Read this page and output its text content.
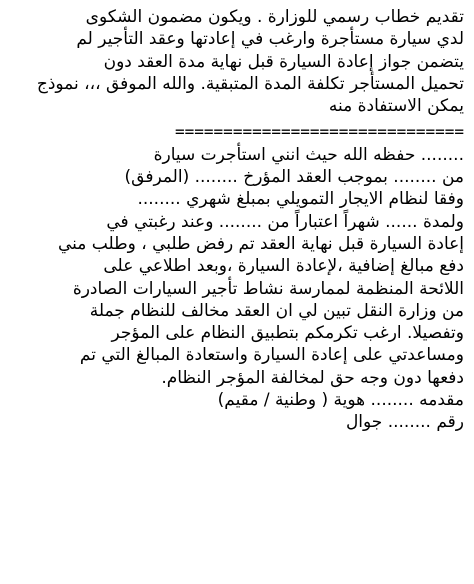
تقديم خطاب رسمي للوزارة . ويكون مضمون الشكوى
لدي سيارة مستأجرة وارغب في إعادتها وعقد التأجير لم
يتضمن جواز إعادة السيارة قبل نهاية مدة العقد دون
تحميل المستأجر تكلفة المدة المتبقية. والله الموفق ،،، نموذج
يمكن الاستفادة منه
==============================
........ حفظه الله حيث انني استأجرت سيارة
من ........ بموجب العقد المؤرخ ........ (المرفق)
وفقا لنظام الايجار التمويلي بمبلغ شهري ........
ولمدة ...... شهراً اعتباراً من ........ وعند رغبتي في
إعادة السيارة قبل نهاية العقد تم رفض طلبي ، وطلب مني
دفع مبالغ إضافية ،لإعادة السيارة ،وبعد اطلاعي على
اللائحة المنظمة لممارسة نشاط تأجير السيارات الصادرة
من وزارة النقل تبين لي ان العقد مخالف للنظام جملة
وتفصيلا. ارغب تكرمكم بتطبيق النظام على المؤجر
ومساعدتي على إعادة السيارة واستعادة المبالغ التي تم
دفعها دون وجه حق لمخالفة المؤجر النظام.
مقدمه ........ هوية ( وطنية / مقيم)
رقم ........ جوال
